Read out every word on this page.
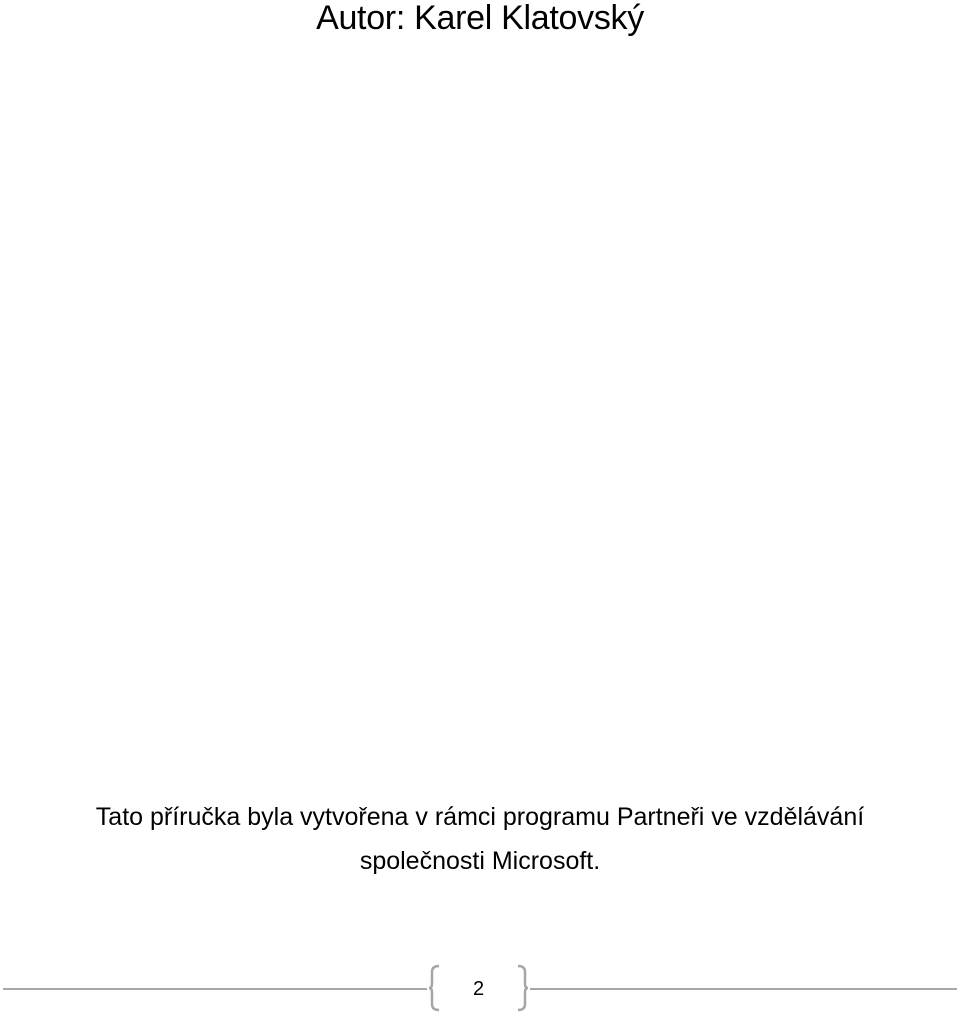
Autor: Karel Klatovský
Tato příručka byla vytvořena v rámci programu Partneři ve vzdělávání
společnosti Microsoft.
2
